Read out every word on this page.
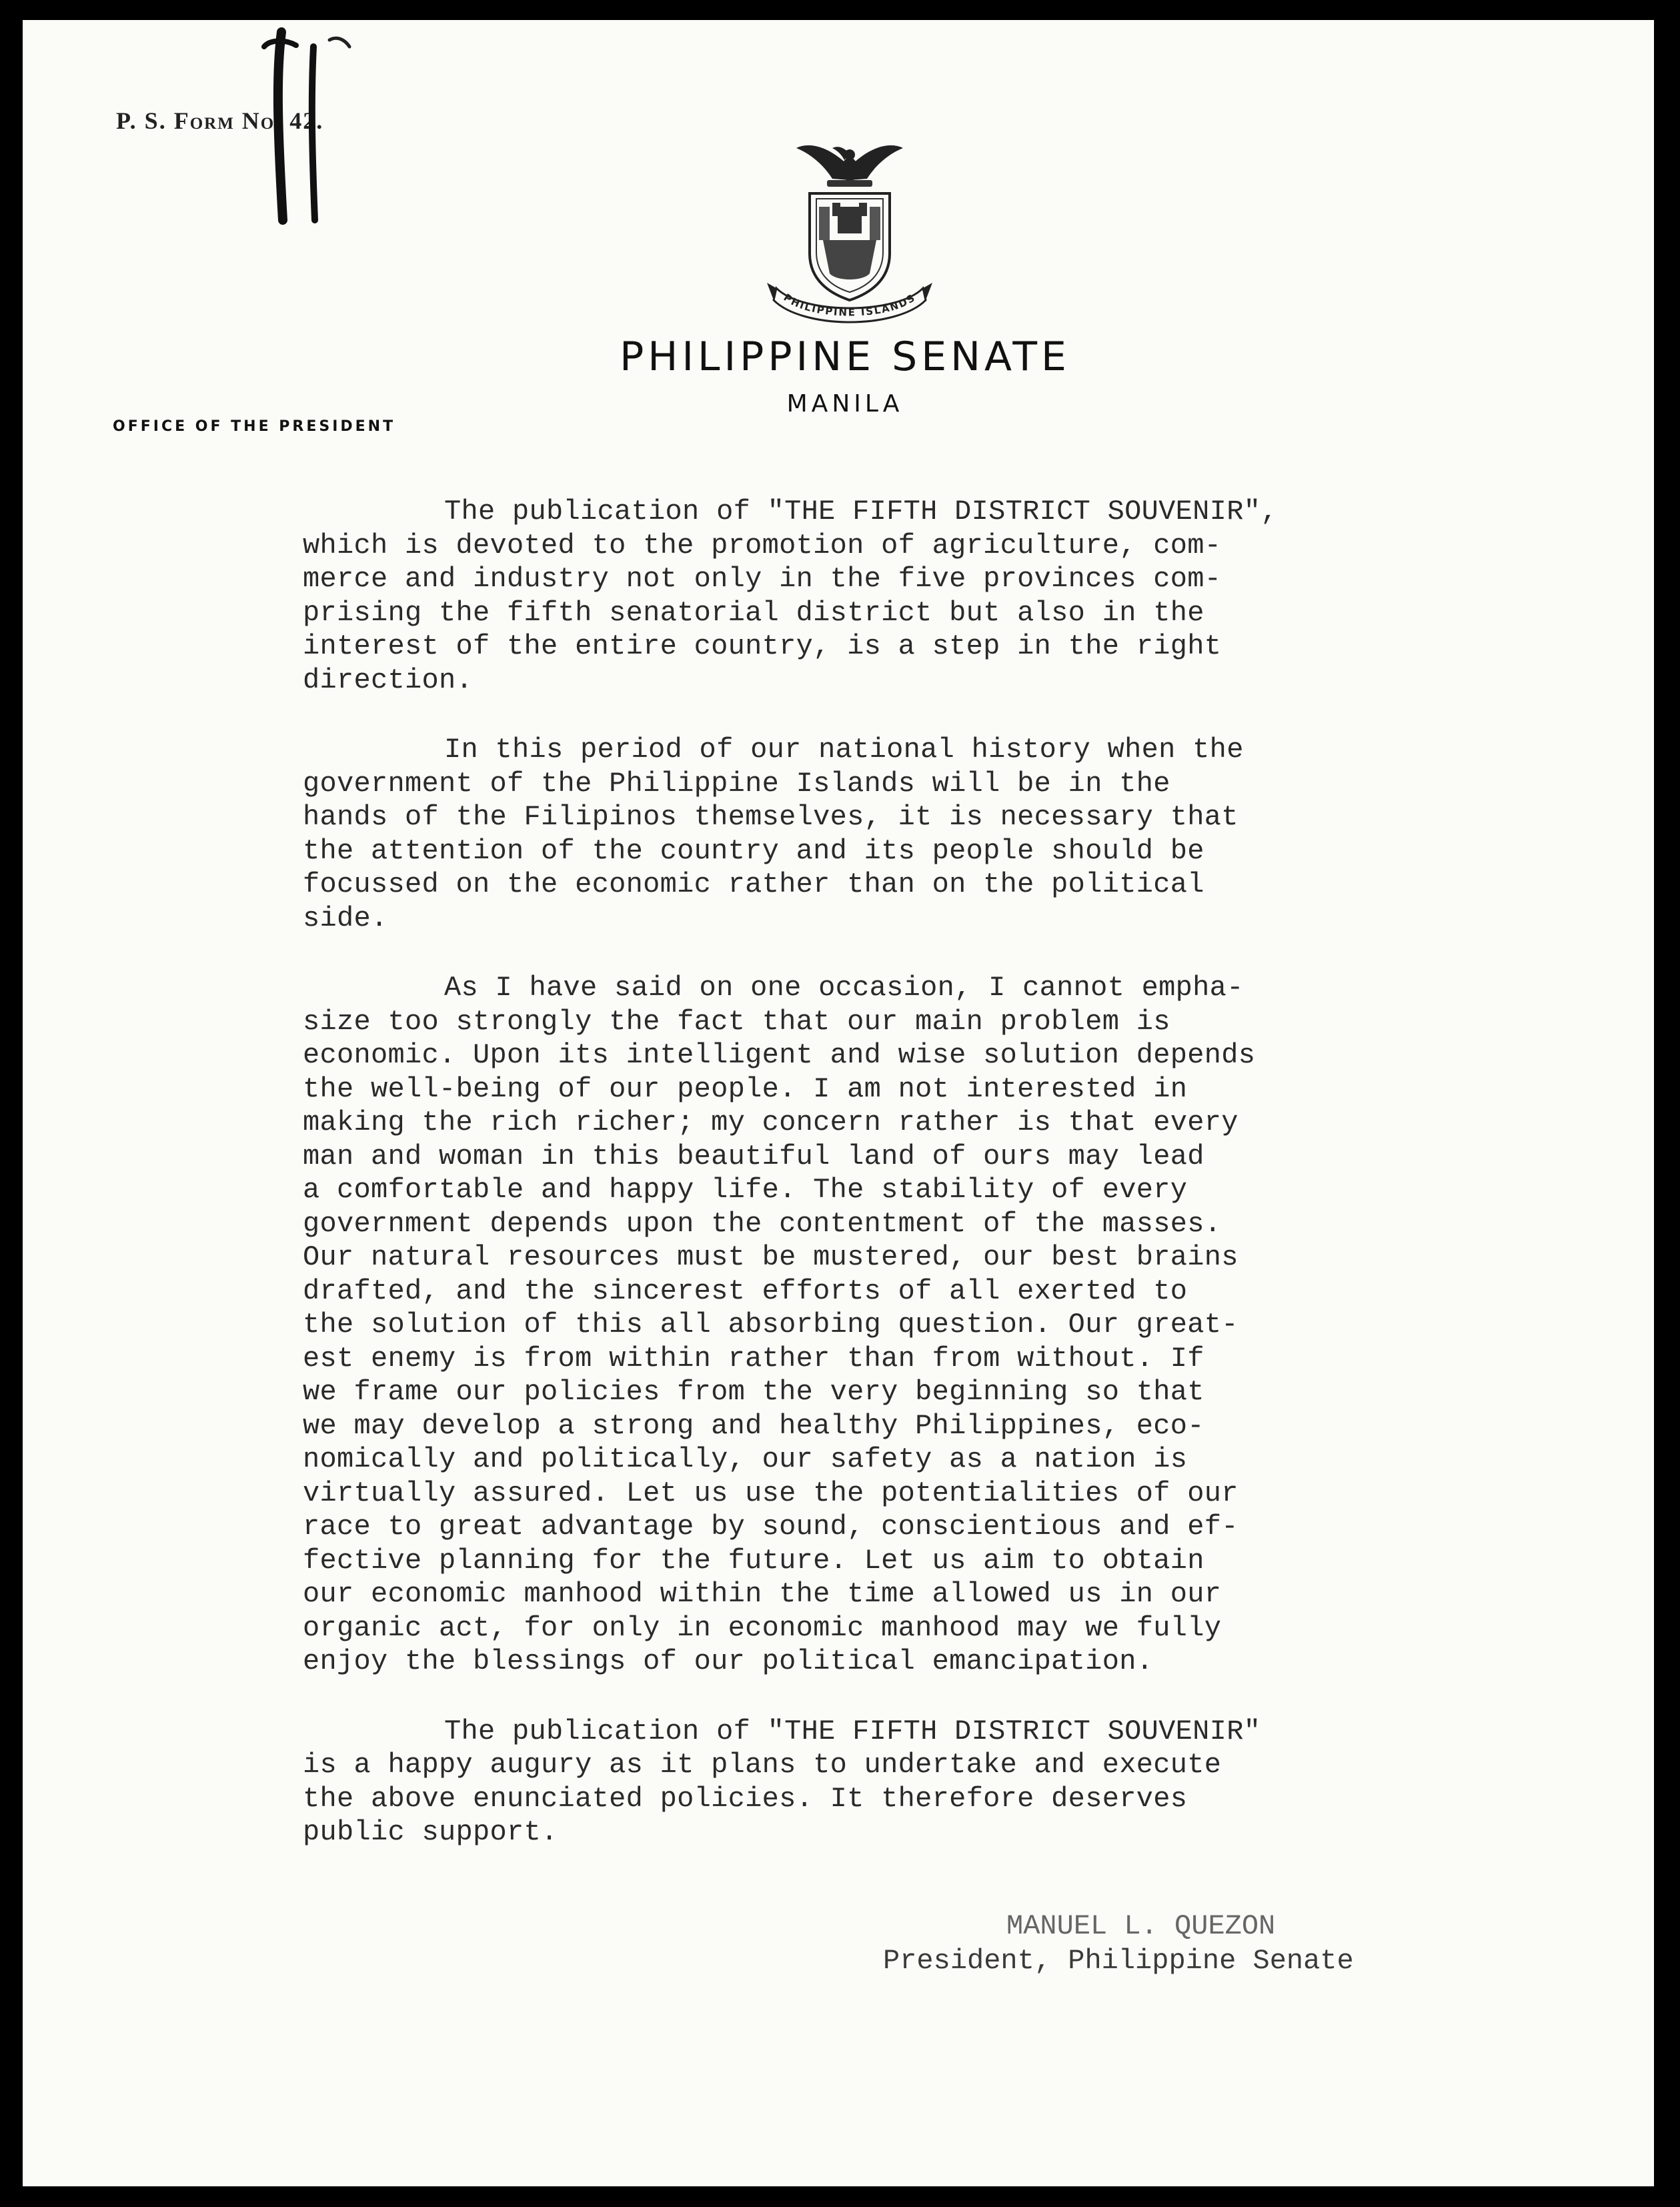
P. S. Form No. 42.
PHILIPPINE ISLANDS
PHILIPPINE SENATE
MANILA
OFFICE OF THE PRESIDENT
The publication of "THE FIFTH DISTRICT SOUVENIR",
which is devoted to the promotion of agriculture, com-
merce and industry not only in the five provinces com-
prising the fifth senatorial district but also in the
interest of the entire country, is a step in the right
direction.
In this period of our national history when the
government of the Philippine Islands will be in the
hands of the Filipinos themselves, it is necessary that
the attention of the country and its people should be
focussed on the economic rather than on the political
side.
As I have said on one occasion, I cannot empha-
size too strongly the fact that our main problem is
economic. Upon its intelligent and wise solution depends
the well-being of our people. I am not interested in
making the rich richer; my concern rather is that every
man and woman in this beautiful land of ours may lead
a comfortable and happy life. The stability of every
government depends upon the contentment of the masses.
Our natural resources must be mustered, our best brains
drafted, and the sincerest efforts of all exerted to
the solution of this all absorbing question. Our great-
est enemy is from within rather than from without. If
we frame our policies from the very beginning so that
we may develop a strong and healthy Philippines, eco-
nomically and politically, our safety as a nation is
virtually assured. Let us use the potentialities of our
race to great advantage by sound, conscientious and ef-
fective planning for the future. Let us aim to obtain
our economic manhood within the time allowed us in our
organic act, for only in economic manhood may we fully
enjoy the blessings of our political emancipation.
The publication of "THE FIFTH DISTRICT SOUVENIR"
is a happy augury as it plans to undertake and execute
the above enunciated policies. It therefore deserves
public support.
MANUEL L. QUEZON
President, Philippine Senate
